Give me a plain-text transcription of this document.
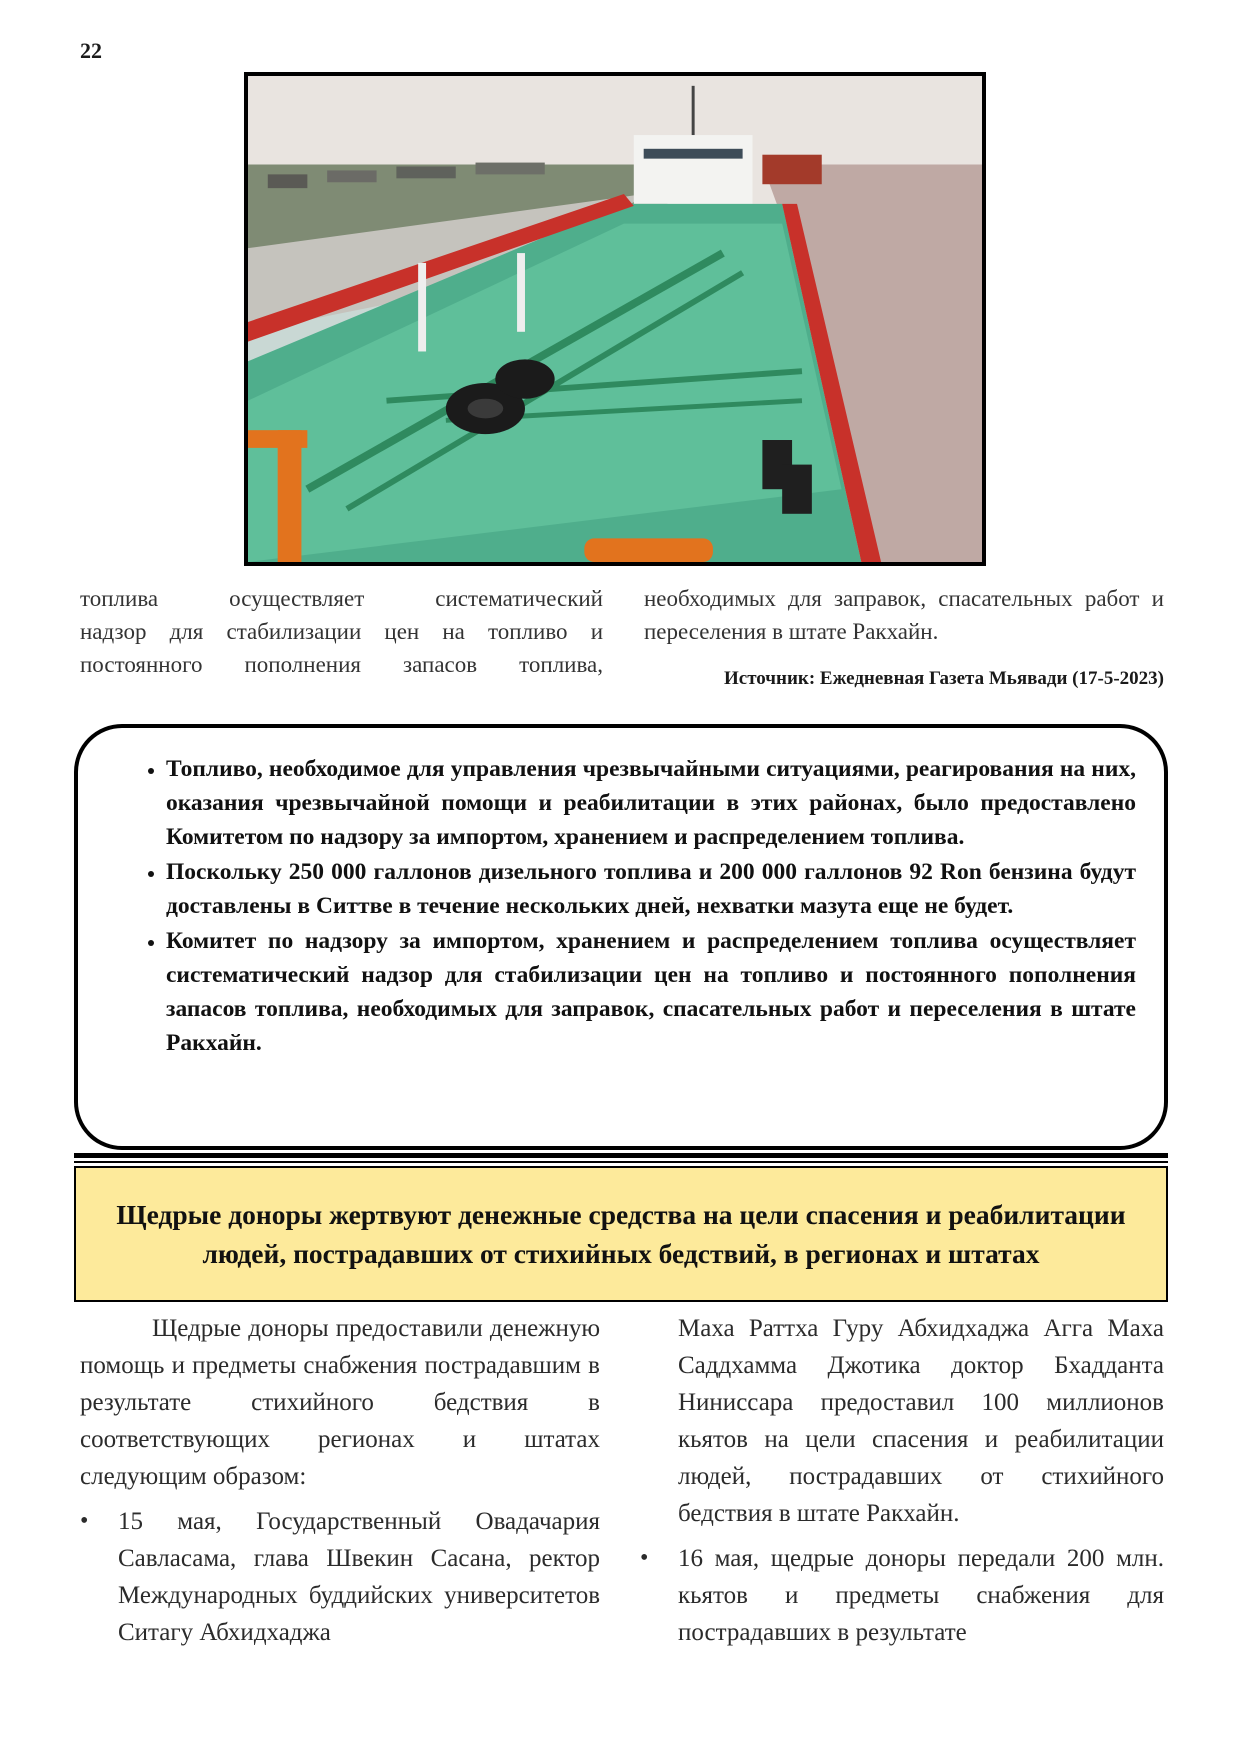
22
топлива осуществляет систематический
надзор для стабилизации цен на топливо и
постоянного пополнения запасов топлива,
необходимых для заправок, спасательных работ и переселения в штате Ракхайн.
Источник: Ежедневная Газета Мьявади (17-5-2023)
• Топливо, необходимое для управления чрезвычайными ситуациями, реагирования на них, оказания чрезвычайной помощи и реабилитации в этих районах, было предоставлено Комитетом по надзору за импортом, хранением и распределением топлива.
• Поскольку 250 000 галлонов дизельного топлива и 200 000 галлонов 92 Ron бензина будут доставлены в Ситтве в течение нескольких дней, нехватки мазута еще не будет.
• Комитет по надзору за импортом, хранением и распределением топлива осуществляет систематический надзор для стабилизации цен на топливо и постоянного пополнения запасов топлива, необходимых для заправок, спасательных работ и переселения в штате Ракхайн.
Щедрые доноры жертвуют денежные средства на цели спасения и реабилитации людей, пострадавших от стихийных бедствий, в регионах и штатах

Щедрые доноры предоставили денежную помощь и предметы снабжения пострадавшим в результате стихийного бедствия в соответствующих регионах и штатах следующим образом:

• 15 мая, Государственный Овадачария Савласама, глава Швекин Сасана, ректор Международных буддийских университетов Ситагу Абхидхаджа

Маха Раттха Гуру Абхидхаджа Агга Маха Саддхамма Джотика доктор Бхадданта Ниниссара предоставил 100 миллионов кьятов на цели спасения и реабилитации людей, пострадавших от стихийного бедствия в штате Ракхайн.

• 16 мая, щедрые доноры передали 200 млн. кьятов и предметы снабжения для пострадавших в результате
